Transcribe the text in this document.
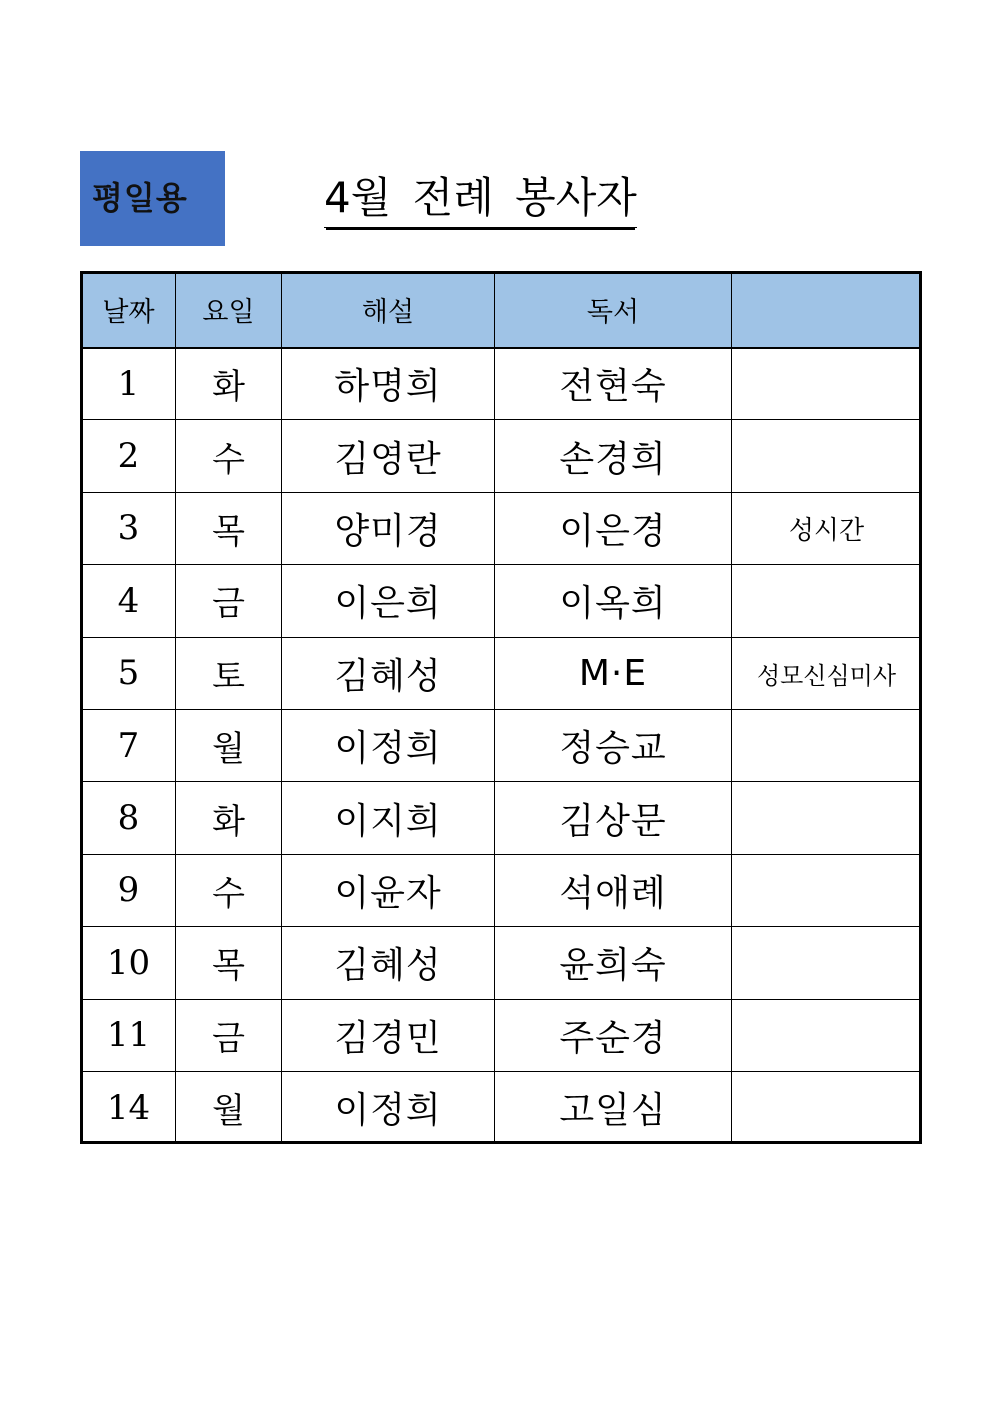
평일용	4월 전례 봉사자
날짜	요일	해설	독서	
1	화	하명희	전현숙	
2	수	김영란	손경희	
3	목	양미경	이은경	성시간
4	금	이은희	이옥희	
5	토	김혜성	M·E	성모신심미사
7	월	이정희	정승교	
8	화	이지희	김상문	
9	수	이윤자	석애례	
10	목	김혜성	윤희숙	
11	금	김경민	주순경	
14	월	이정희	고일심	
